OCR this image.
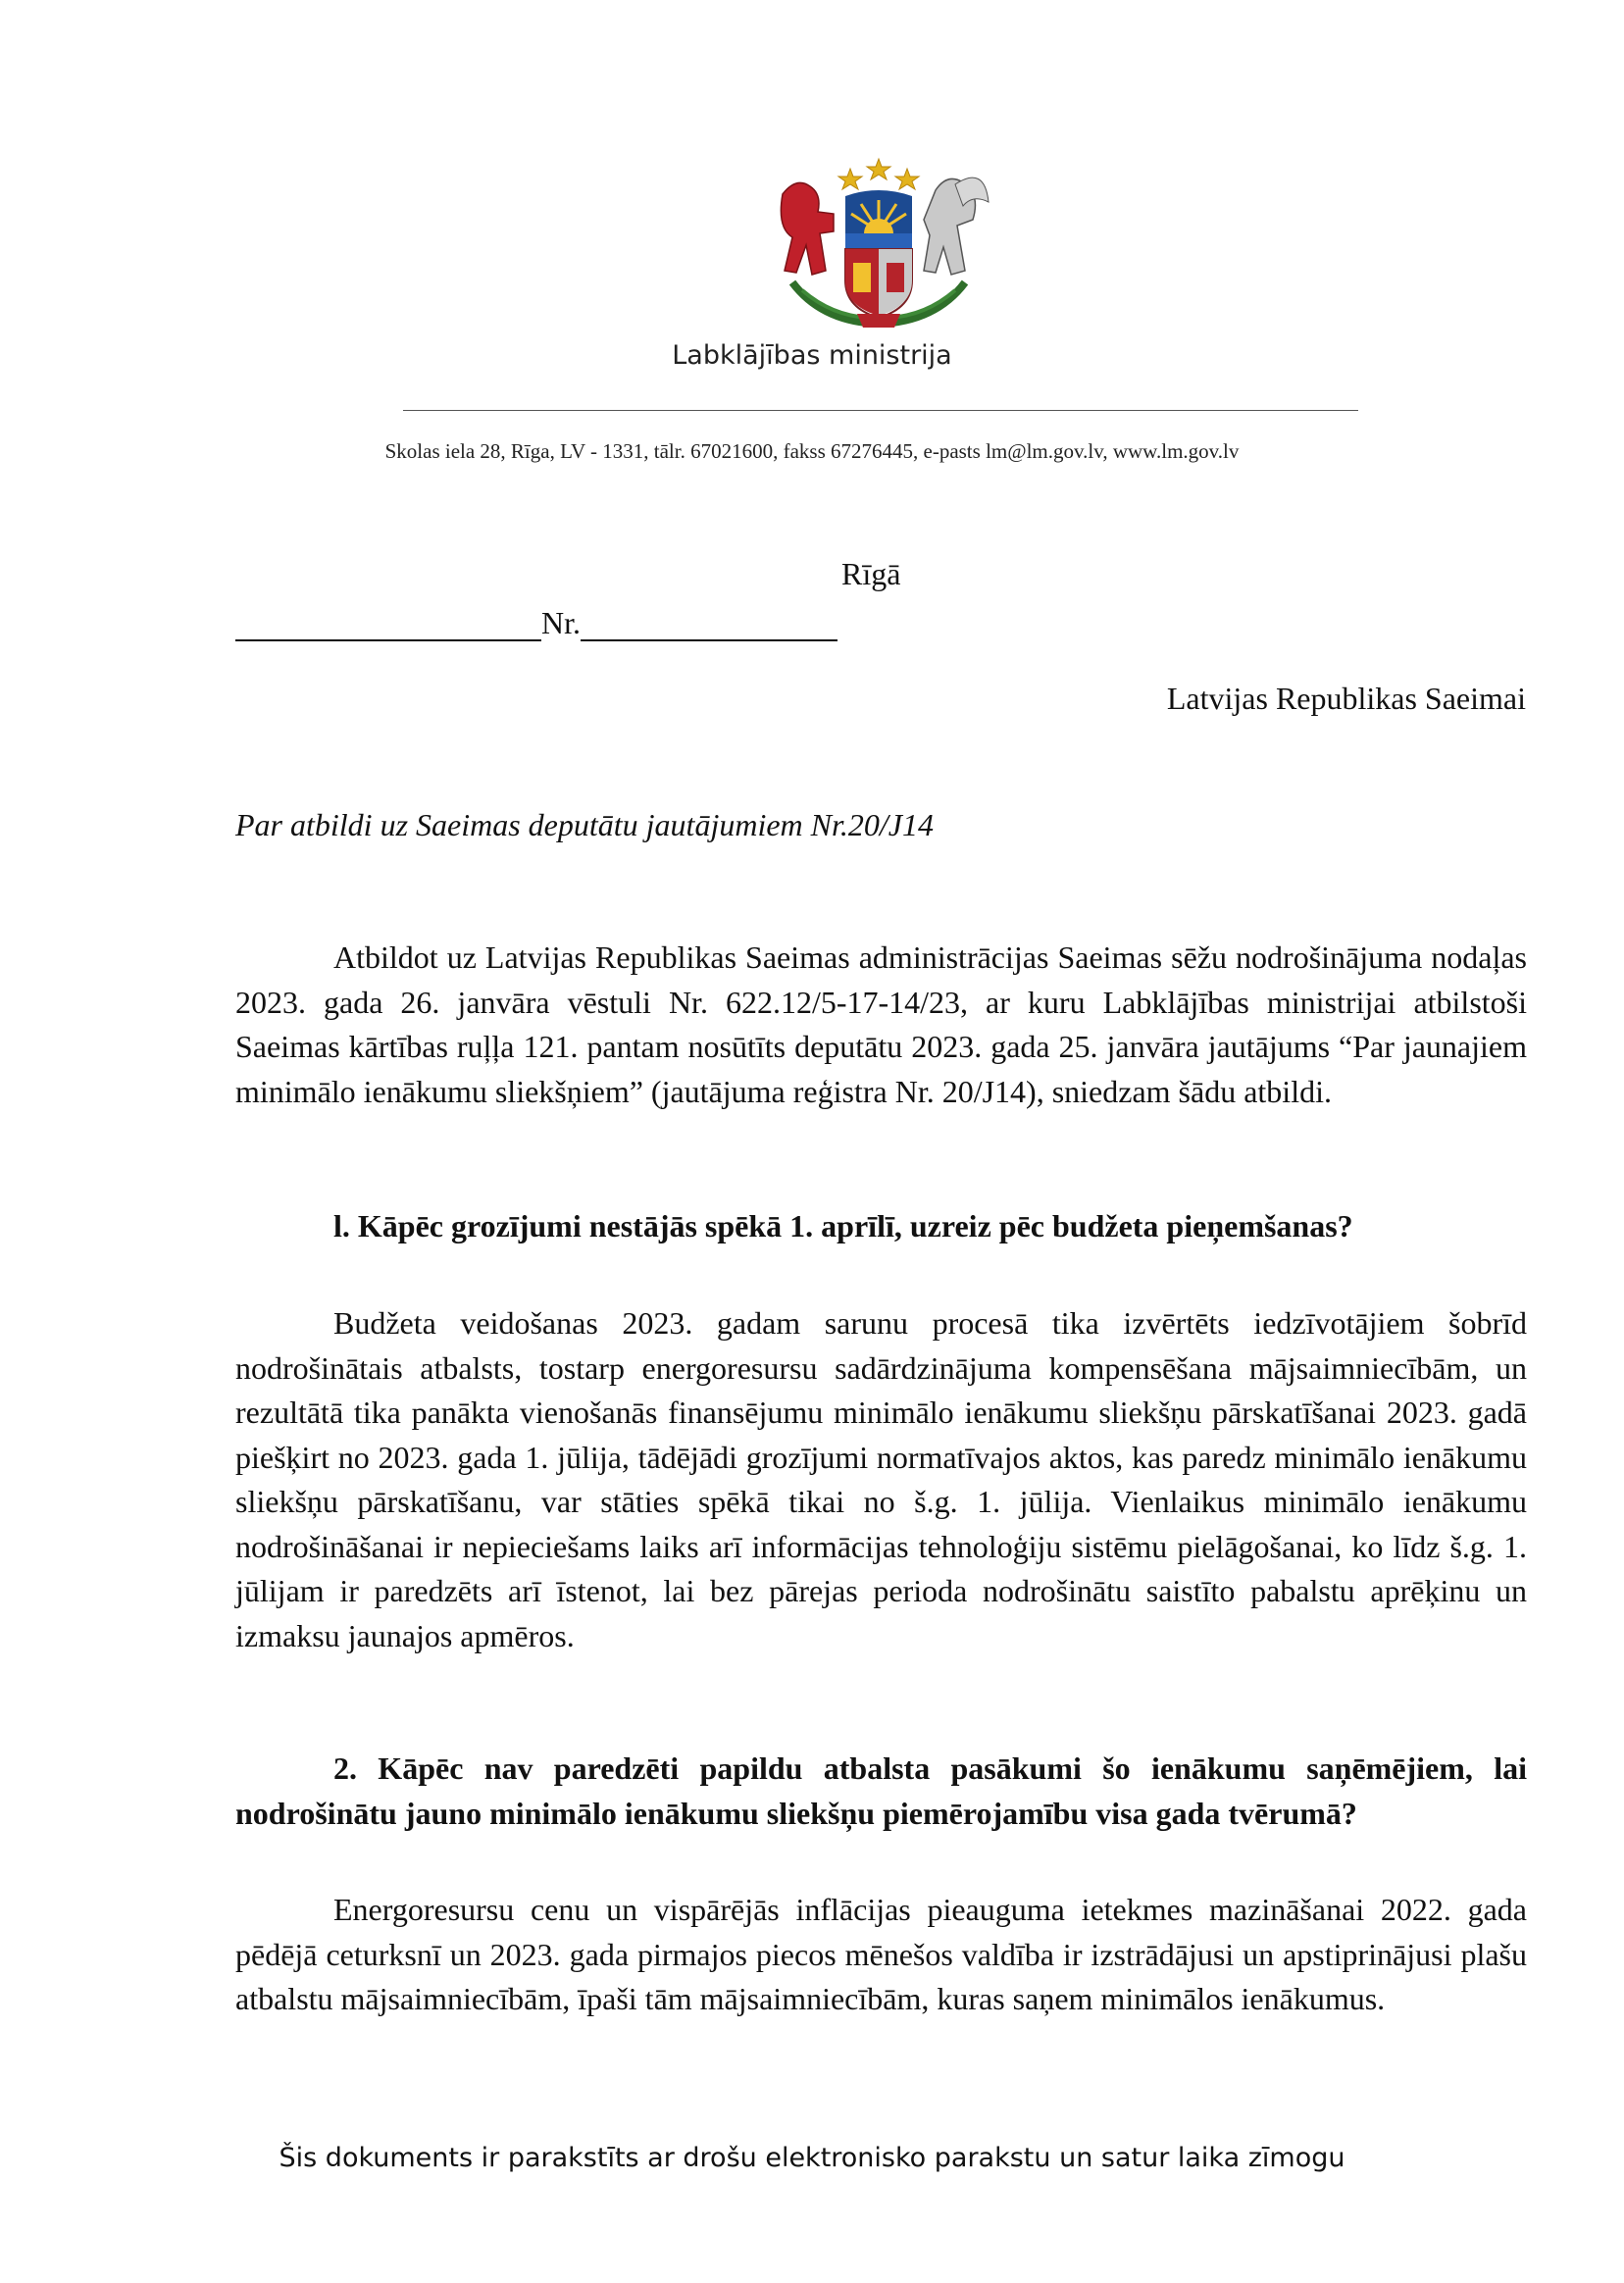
Labklājības ministrija
Skolas iela 28, Rīga, LV - 1331, tālr. 67021600, fakss 67276445, e-pasts lm@lm.gov.lv, www.lm.gov.lv
Rīgā
Nr.
Latvijas Republikas Saeimai
Par atbildi uz Saeimas deputātu jautājumiem Nr.20/J14

Atbildot uz Latvijas Republikas Saeimas administrācijas Saeimas sēžu nodrošinājuma nodaļas 2023. gada 26. janvāra vēstuli Nr. 622.12/5-17-14/23, ar kuru Labklājības ministrijai atbilstoši Saeimas kārtības ruļļa 121. pantam nosūtīts deputātu 2023. gada 25. janvāra jautājums “Par jaunajiem minimālo ienākumu sliekšņiem” (jautājuma reģistra Nr. 20/J14), sniedzam šādu atbildi.

l. Kāpēc grozījumi nestājās spēkā 1. aprīlī, uzreiz pēc budžeta pieņemšanas?

Budžeta veidošanas 2023. gadam sarunu procesā tika izvērtēts iedzīvotājiem šobrīd nodrošinātais atbalsts, tostarp energoresursu sadārdzinājuma kompensēšana mājsaimniecībām, un rezultātā tika panākta vienošanās finansējumu minimālo ienākumu sliekšņu pārskatīšanai 2023. gadā piešķirt no 2023. gada 1. jūlija, tādējādi grozījumi normatīvajos aktos, kas paredz minimālo ienākumu sliekšņu pārskatīšanu, var stāties spēkā tikai no š.g. 1. jūlija. Vienlaikus minimālo ienākumu nodrošināšanai ir nepieciešams laiks arī informācijas tehnoloģiju sistēmu pielāgošanai, ko līdz š.g. 1. jūlijam ir paredzēts arī īstenot, lai bez pārejas perioda nodrošinātu saistīto pabalstu aprēķinu un izmaksu jaunajos apmēros.

2. Kāpēc nav paredzēti papildu atbalsta pasākumi šo ienākumu saņēmējiem, lai nodrošinātu jauno minimālo ienākumu sliekšņu piemērojamību visa gada tvērumā?

Energoresursu cenu un vispārējās inflācijas pieauguma ietekmes mazināšanai 2022. gada pēdējā ceturksnī un 2023. gada pirmajos piecos mēnešos valdība ir izstrādājusi un apstiprinājusi plašu atbalstu mājsaimniecībām, īpaši tām mājsaimniecībām, kuras saņem minimālos ienākumus.

Šis dokuments ir parakstīts ar drošu elektronisko parakstu un satur laika zīmogu
